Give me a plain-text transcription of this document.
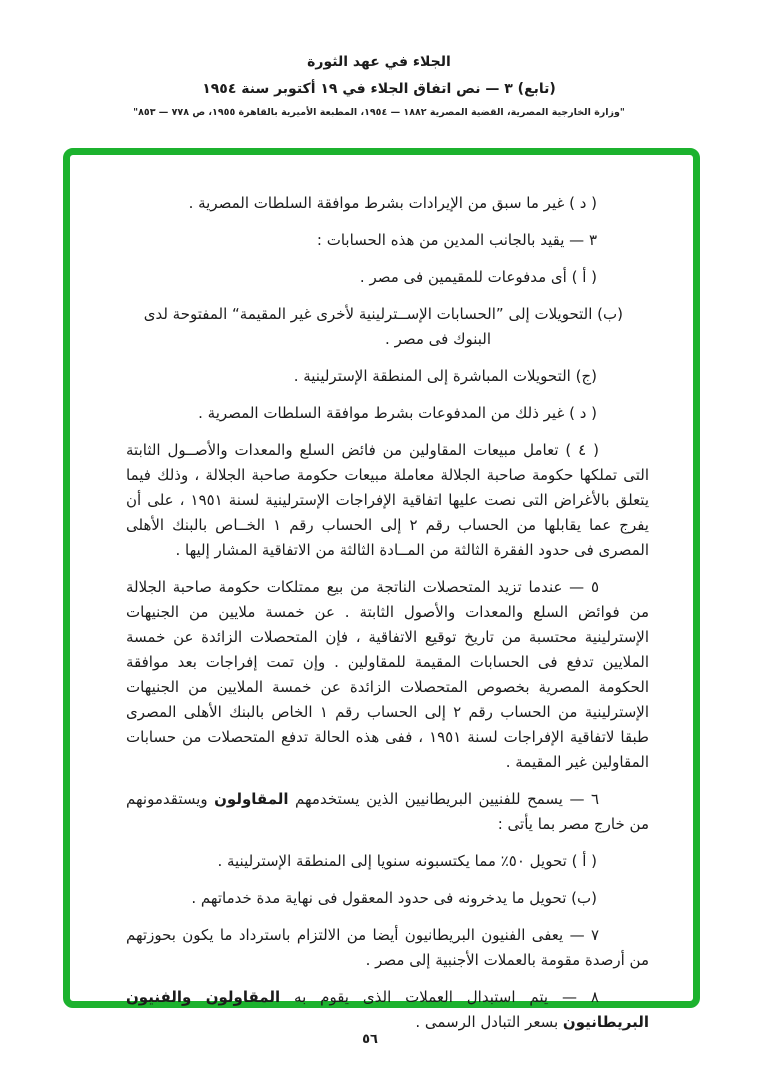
الجلاء في عهد الثورة
(تابع) ٣ — نص اتفاق الجلاء في ١٩ أكتوبر سنة ١٩٥٤
"وزارة الخارجية المصرية، القضية المصرية ١٨٨٢ — ١٩٥٤، المطبعة الأميرية بالقاهرة ١٩٥٥، ص ٧٧٨ — ٨٥٣"

( د ) غير ما سبق من الإيرادات بشرط موافقة السلطات المصرية .

٣ — يقيد بالجانب المدين من هذه الحسابات :

( أ ) أى مدفوعات للمقيمين فى مصر .

(ب) التحويلات إلى ”الحسابات الإســترلينية لأخرى غير المقيمة“ المفتوحة لدى البنوك فى مصر .

(ج) التحويلات المباشرة إلى المنطقة الإسترلينية .

( د ) غير ذلك من المدفوعات بشرط موافقة السلطات المصرية .

( ٤ ) تعامل مبيعات المقاولين من فائض السلع والمعدات والأصــول الثابتة التى تملكها حكومة صاحبة الجلالة معاملة مبيعات حكومة صاحبة الجلالة ، وذلك فيما يتعلق بالأغراض التى نصت عليها اتفاقية الإفراجات الإسترلينية لسنة ١٩٥١ ، على أن يفرج عما يقابلها من الحساب رقم ٢ إلى الحساب رقم ١ الخــاص بالبنك الأهلى المصرى فى حدود الفقرة الثالثة من المــادة الثالثة من الاتفاقية المشار إليها .

٥ — عندما تزيد المتحصلات الناتجة من بيع ممتلكات حكومة صاحبة الجلالة من فوائض السلع والمعدات والأصول الثابتة . عن خمسة ملايين من الجنيهات الإسترلينية محتسبة من تاريخ توقيع الاتفاقية ، فإن المتحصلات الزائدة عن خمسة الملايين تدفع فى الحسابات المقيمة للمقاولين . وإن تمت إفراجات بعد موافقة الحكومة المصرية بخصوص المتحصلات الزائدة عن خمسة الملايين من الجنيهات الإسترلينية من الحساب رقم ٢ إلى الحساب رقم ١ الخاص بالبنك الأهلى المصرى طبقا لاتفاقية الإفراجات لسنة ١٩٥١ ، ففى هذه الحالة تدفع المتحصلات من حسابات المقاولين غير المقيمة .

٦ — يسمح للفنيين البريطانيين الذين يستخدمهم المقاولون ويستقدمونهم من خارج مصر بما يأتى :

( أ ) تحويل ٥٠٪ مما يكتسبونه سنويا إلى المنطقة الإسترلينية .

(ب) تحويل ما يدخرونه فى حدود المعقول فى نهاية مدة خدماتهم .

٧ — يعفى الفنيون البريطانيون أيضا من الالتزام باسترداد ما يكون بحوزتهم من أرصدة مقومة بالعملات الأجنبية إلى مصر .

٨ — يتم استبدال العملات الذى يقوم به المقاولون والفنيون البريطانيون بسعر التبادل الرسمى .

٥٦
